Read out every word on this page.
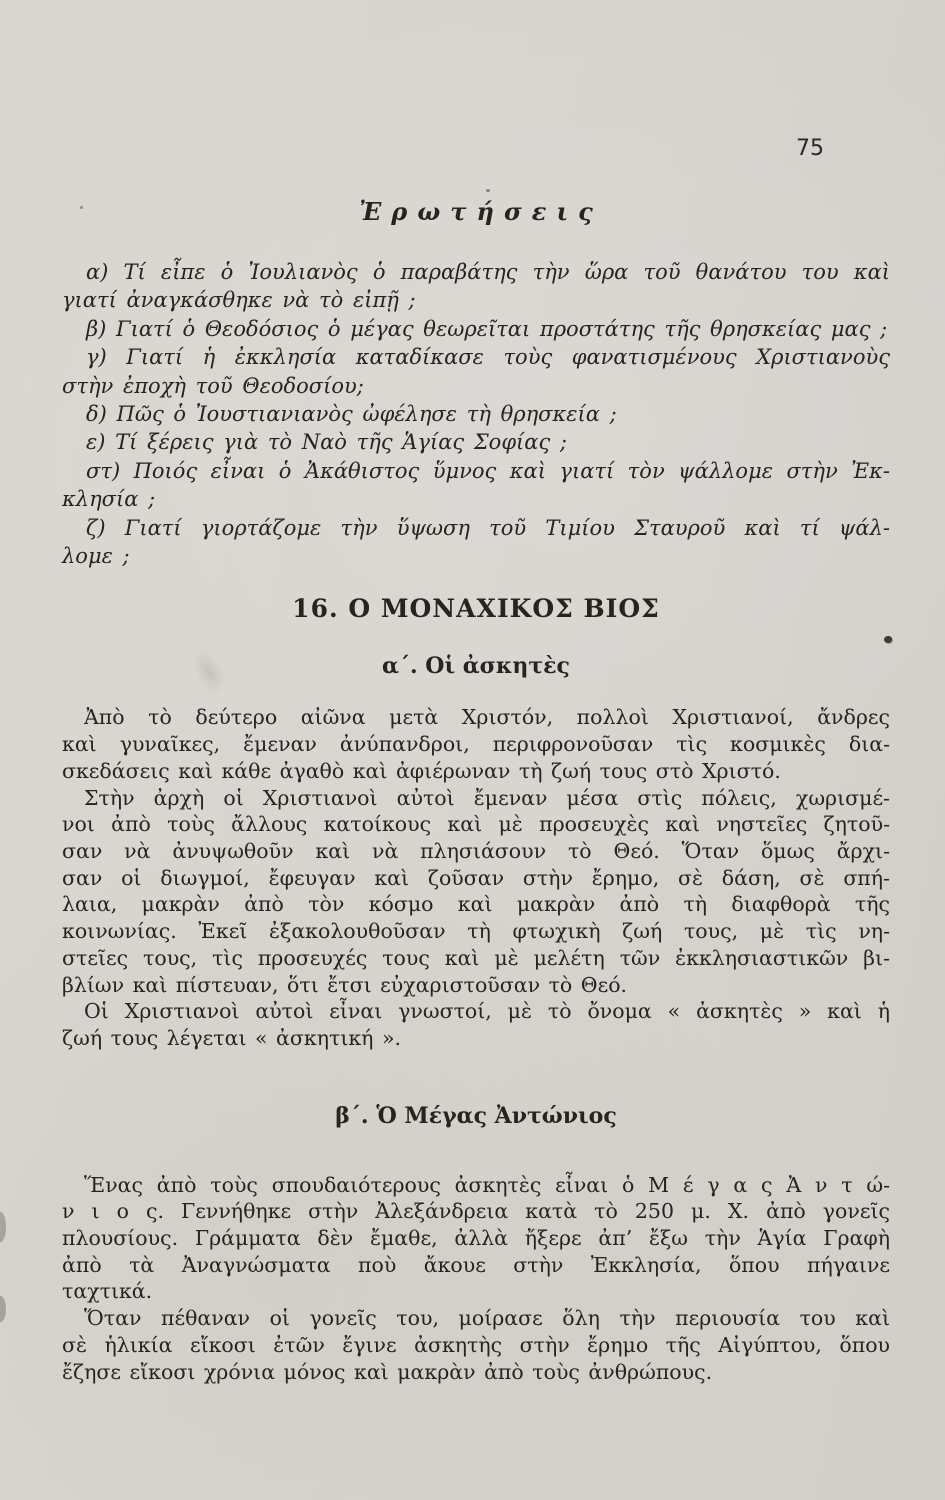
75
Ἐρωτήσεις
α) Τί εἶπε ὁ Ἰουλιανὸς ὁ παραβάτης τὴν ὥρα τοῦ θανάτου του καὶ
γιατί ἀναγκάσθηκε νὰ τὸ εἰπῇ ;
β) Γιατί ὁ Θεοδόσιος ὁ μέγας θεωρεῖται προστάτης τῆς θρησκείας μας ;
γ) Γιατί ἡ ἐκκλησία καταδίκασε τοὺς φανατισμένους Χριστιανοὺς
στὴν ἐποχὴ τοῦ Θεοδοσίου;
δ) Πῶς ὁ Ἰουστιανιανὸς ὠφέλησε τὴ θρησκεία ;
ε) Τί ξέρεις γιὰ τὸ Ναὸ τῆς Ἁγίας Σοφίας ;
στ) Ποιός εἶναι ὁ Ἀκάθιστος ὕμνος καὶ γιατί τὸν ψάλλομε στὴν Ἐκ-
κλησία ;
ζ) Γιατί γιορτάζομε τὴν ὕψωση τοῦ Τιμίου Σταυροῦ καὶ τί ψάλ-
λομε ;
16. Ο ΜΟΝΑΧΙΚΟΣ ΒΙΟΣ
α΄. Οἱ ἀσκητὲς
Ἀπὸ τὸ δεύτερο αἰῶνα μετὰ Χριστόν, πολλοὶ Χριστιανοί, ἄνδρες
καὶ γυναῖκες, ἔμεναν ἀνύπανδροι, περιφρονοῦσαν τὶς κοσμικὲς δια-
σκεδάσεις καὶ κάθε ἀγαθὸ καὶ ἀφιέρωναν τὴ ζωή τους στὸ Χριστό.
Στὴν ἀρχὴ οἱ Χριστιανοὶ αὐτοὶ ἔμεναν μέσα στὶς πόλεις, χωρισμέ-
νοι ἀπὸ τοὺς ἄλλους κατοίκους καὶ μὲ προσευχὲς καὶ νηστεῖες ζητοῦ-
σαν νὰ ἀνυψωθοῦν καὶ νὰ πλησιάσουν τὸ Θεό. Ὅταν ὅμως ἄρχι-
σαν οἱ διωγμοί, ἔφευγαν καὶ ζοῦσαν στὴν ἔρημο, σὲ δάση, σὲ σπή-
λαια, μακρὰν ἀπὸ τὸν κόσμο καὶ μακρὰν ἀπὸ τὴ διαφθορὰ τῆς
κοινωνίας. Ἐκεῖ ἐξακολουθοῦσαν τὴ φτωχικὴ ζωή τους, μὲ τὶς νη-
στεῖες τους, τὶς προσευχές τους καὶ μὲ μελέτη τῶν ἐκκλησιαστικῶν βι-
βλίων καὶ πίστευαν, ὅτι ἔτσι εὐχαριστοῦσαν τὸ Θεό.
Οἱ Χριστιανοὶ αὐτοὶ εἶναι γνωστοί, μὲ τὸ ὄνομα « ἀσκητὲς » καὶ ἡ
ζωή τους λέγεται « ἀσκητική ».
β΄. Ὁ Μέγας Ἀντώνιος
Ἕνας ἀπὸ τοὺς σπουδαιότερους ἀσκητὲς εἶναι ὁ Μ έ γ α ς Ἀ ν τ ώ-
ν ι ο ς. Γεννήθηκε στὴν Ἀλεξάνδρεια κατὰ τὸ 250 μ. Χ. ἀπὸ γονεῖς
πλουσίους. Γράμματα δὲν ἔμαθε, ἀλλὰ ἤξερε ἀπ’ ἔξω τὴν Ἁγία Γραφὴ
ἀπὸ τὰ Ἀναγνώσματα ποὺ ἄκουε στὴν Ἐκκλησία, ὅπου πήγαινε
ταχτικά.
Ὅταν πέθαναν οἱ γονεῖς του, μοίρασε ὅλη τὴν περιουσία του καὶ
σὲ ἡλικία εἴκοσι ἐτῶν ἔγινε ἀσκητὴς στὴν ἔρημο τῆς Αἰγύπτου, ὅπου
ἔζησε εἴκοσι χρόνια μόνος καὶ μακρὰν ἀπὸ τοὺς ἀνθρώπους.
